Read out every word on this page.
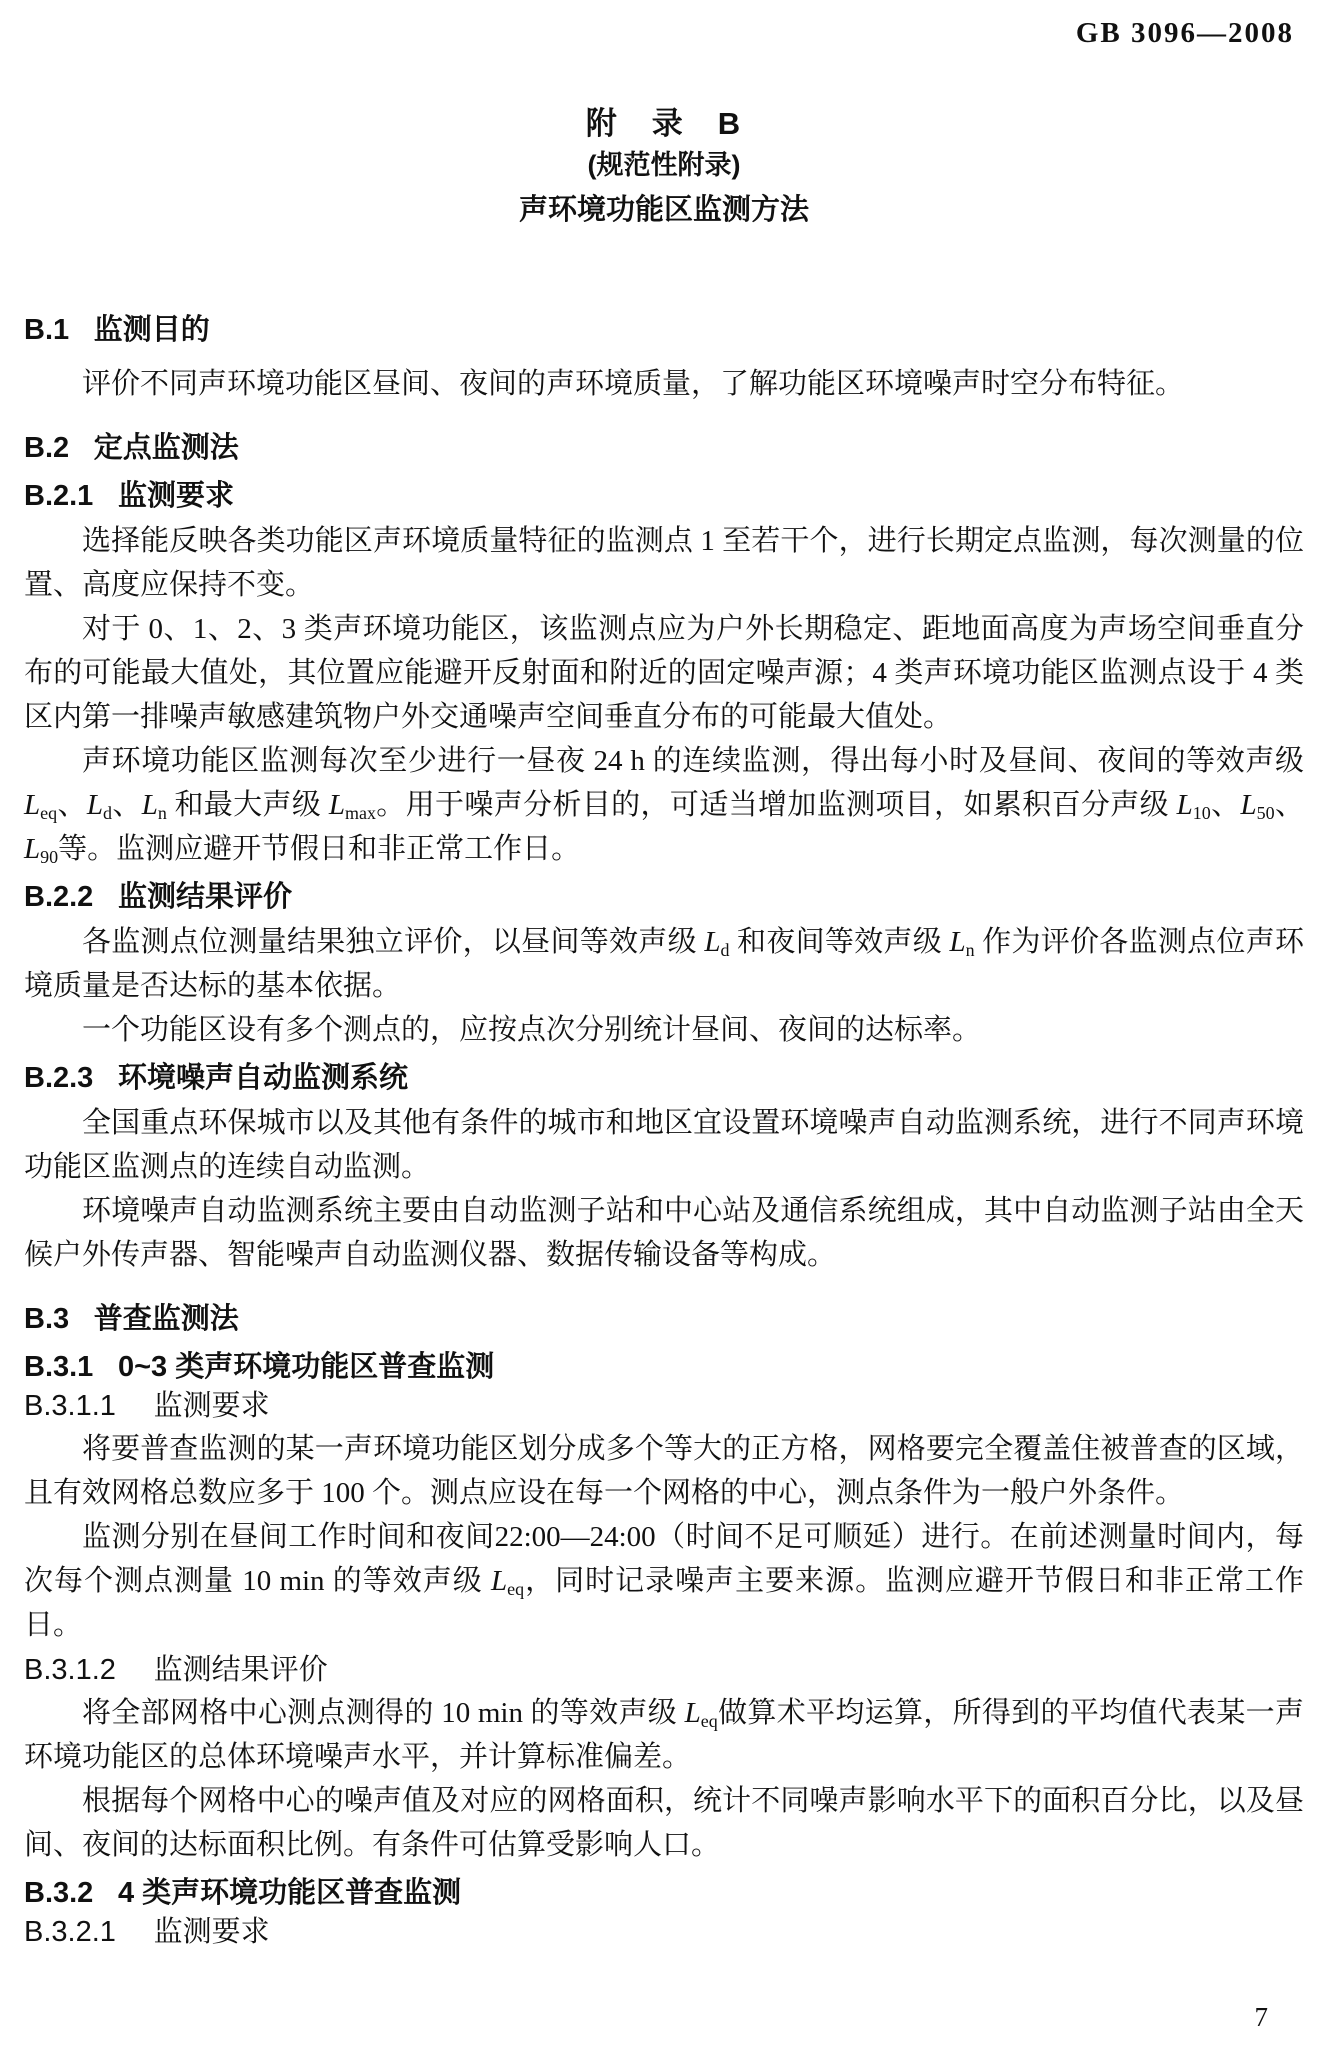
GB 3096—2008
附　录　B
(规范性附录)
声环境功能区监测方法
B.1 监测目的

评价不同声环境功能区昼间、夜间的声环境质量，了解功能区环境噪声时空分布特征。

B.2 定点监测法
B.2.1 监测要求

选择能反映各类功能区声环境质量特征的监测点 1 至若干个，进行长期定点监测，每次测量的位置、高度应保持不变。

对于 0、1、2、3 类声环境功能区，该监测点应为户外长期稳定、距地面高度为声场空间垂直分布的可能最大值处，其位置应能避开反射面和附近的固定噪声源；4 类声环境功能区监测点设于 4 类区内第一排噪声敏感建筑物户外交通噪声空间垂直分布的可能最大值处。

声环境功能区监测每次至少进行一昼夜 24 h 的连续监测，得出每小时及昼间、夜间的等效声级 $L_{eq}$、$L_d$、$L_n$ 和最大声级 $L_{max}$。用于噪声分析目的，可适当增加监测项目，如累积百分声级 $L_{10}$、$L_{50}$、$L_{90}$等。监测应避开节假日和非正常工作日。

B.2.2 监测结果评价

各监测点位测量结果独立评价，以昼间等效声级 $L_d$ 和夜间等效声级 $L_n$ 作为评价各监测点位声环境质量是否达标的基本依据。

一个功能区设有多个测点的，应按点次分别统计昼间、夜间的达标率。

B.2.3 环境噪声自动监测系统

全国重点环保城市以及其他有条件的城市和地区宜设置环境噪声自动监测系统，进行不同声环境功能区监测点的连续自动监测。

环境噪声自动监测系统主要由自动监测子站和中心站及通信系统组成，其中自动监测子站由全天候户外传声器、智能噪声自动监测仪器、数据传输设备等构成。

B.3 普查监测法
B.3.1 0~3 类声环境功能区普查监测
B.3.1.1 监测要求

将要普查监测的某一声环境功能区划分成多个等大的正方格，网格要完全覆盖住被普查的区域，且有效网格总数应多于 100 个。测点应设在每一个网格的中心，测点条件为一般户外条件。

监测分别在昼间工作时间和夜间22:00—24:00（时间不足可顺延）进行。在前述测量时间内，每次每个测点测量 10 min 的等效声级 $L_{eq}$，同时记录噪声主要来源。监测应避开节假日和非正常工作日。

B.3.1.2 监测结果评价

将全部网格中心测点测得的 10 min 的等效声级 $L_{eq}$做算术平均运算，所得到的平均值代表某一声环境功能区的总体环境噪声水平，并计算标准偏差。

根据每个网格中心的噪声值及对应的网格面积，统计不同噪声影响水平下的面积百分比，以及昼间、夜间的达标面积比例。有条件可估算受影响人口。

B.3.2 4 类声环境功能区普查监测
B.3.2.1 监测要求
7
